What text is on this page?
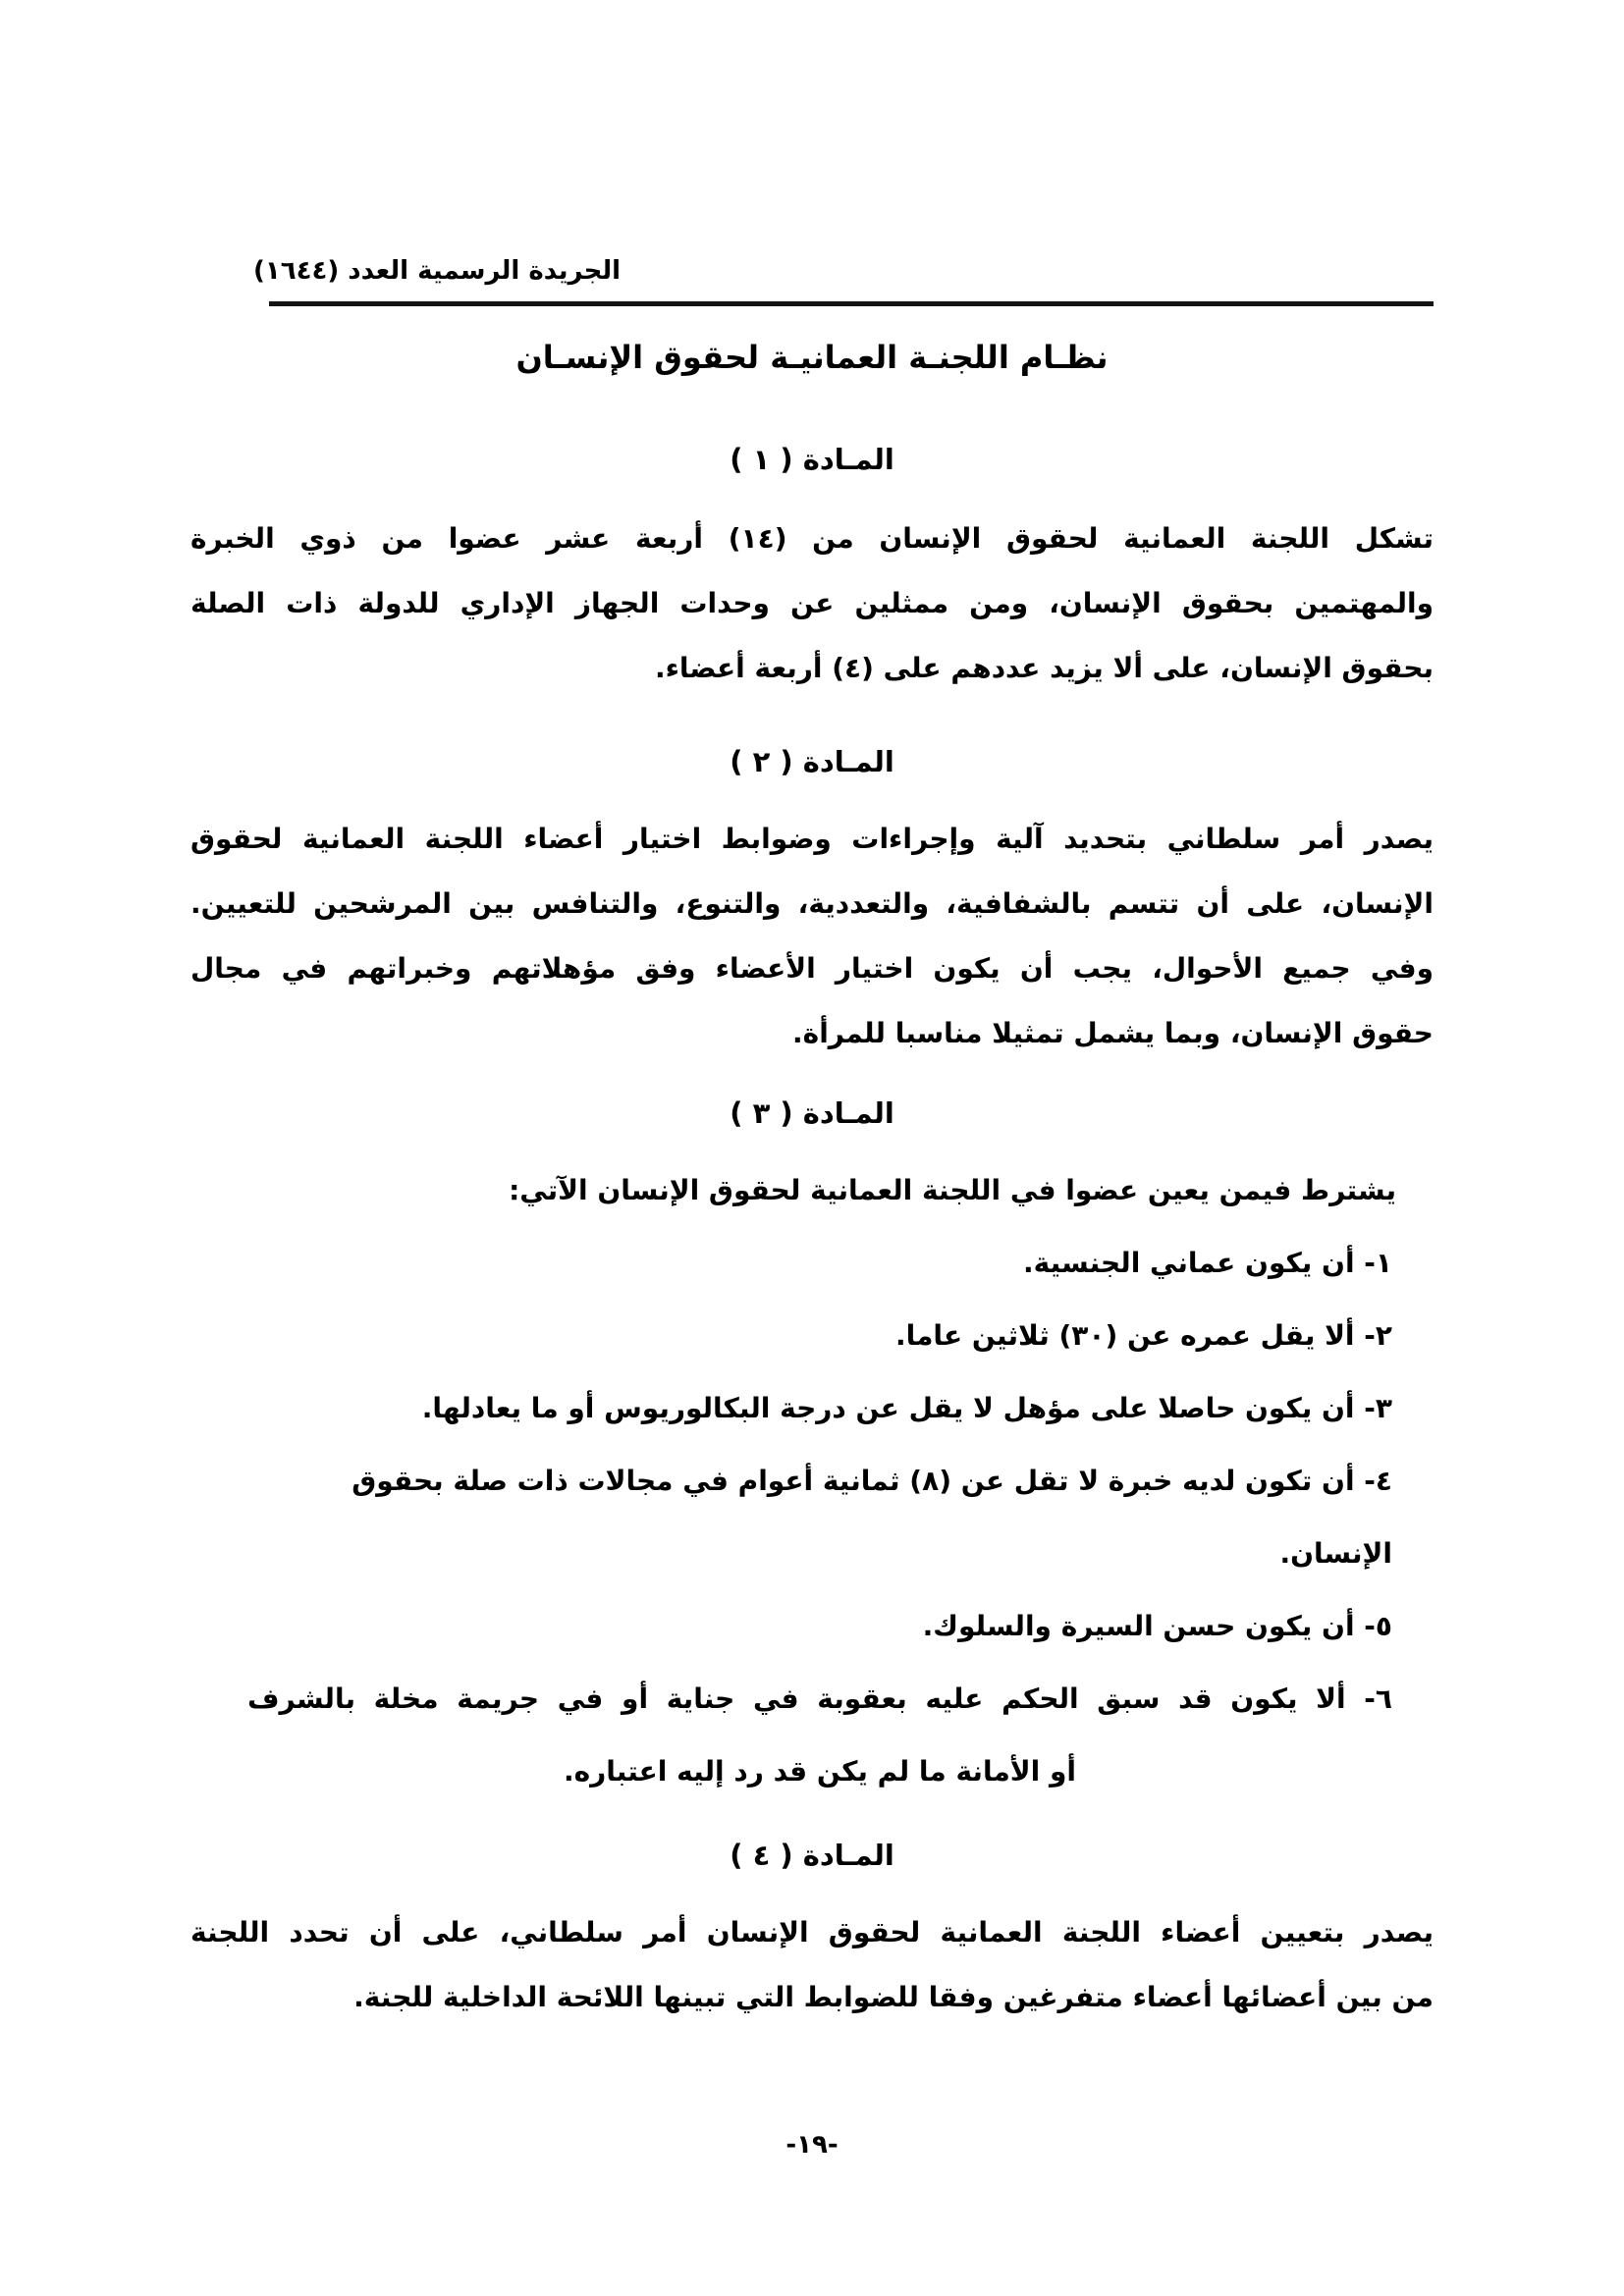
الجريدة الرسمية العدد (١٦٤٤)
نظـام اللجنـة العمانيـة لحقوق الإنسـان
المـادة ( ١ )
تشكل اللجنة العمانية لحقوق الإنسان من (١٤) أربعة عشر عضوا من ذوي الخبرة
والمهتمين بحقوق الإنسان، ومن ممثلين عن وحدات الجهاز الإداري للدولة ذات الصلة
بحقوق الإنسان، على ألا يزيد عددهم على (٤) أربعة أعضاء.
المـادة ( ٢ )
يصدر أمر سلطاني بتحديد آلية وإجراءات وضوابط اختيار أعضاء اللجنة العمانية لحقوق
الإنسان، على أن تتسم بالشفافية، والتعددية، والتنوع، والتنافس بين المرشحين للتعيين.
وفي جميع الأحوال، يجب أن يكون اختيار الأعضاء وفق مؤهلاتهم وخبراتهم في مجال
حقوق الإنسان، وبما يشمل تمثيلا مناسبا للمرأة.
المـادة ( ٣ )
يشترط فيمن يعين عضوا في اللجنة العمانية لحقوق الإنسان الآتي:
١- أن يكون عماني الجنسية.
٢- ألا يقل عمره عن (٣٠) ثلاثين عاما.
٣- أن يكون حاصلا على مؤهل لا يقل عن درجة البكالوريوس أو ما يعادلها.
٤- أن تكون لديه خبرة لا تقل عن (٨) ثمانية أعوام في مجالات ذات صلة بحقوق الإنسان.
٥- أن يكون حسن السيرة والسلوك.
٦- ألا يكون قد سبق الحكم عليه بعقوبة في جناية أو في جريمة مخلة بالشرف
أو الأمانة ما لم يكن قد رد إليه اعتباره.
المـادة ( ٤ )
يصدر بتعيين أعضاء اللجنة العمانية لحقوق الإنسان أمر سلطاني، على أن تحدد اللجنة
من بين أعضائها أعضاء متفرغين وفقا للضوابط التي تبينها اللائحة الداخلية للجنة.
-١٩-
